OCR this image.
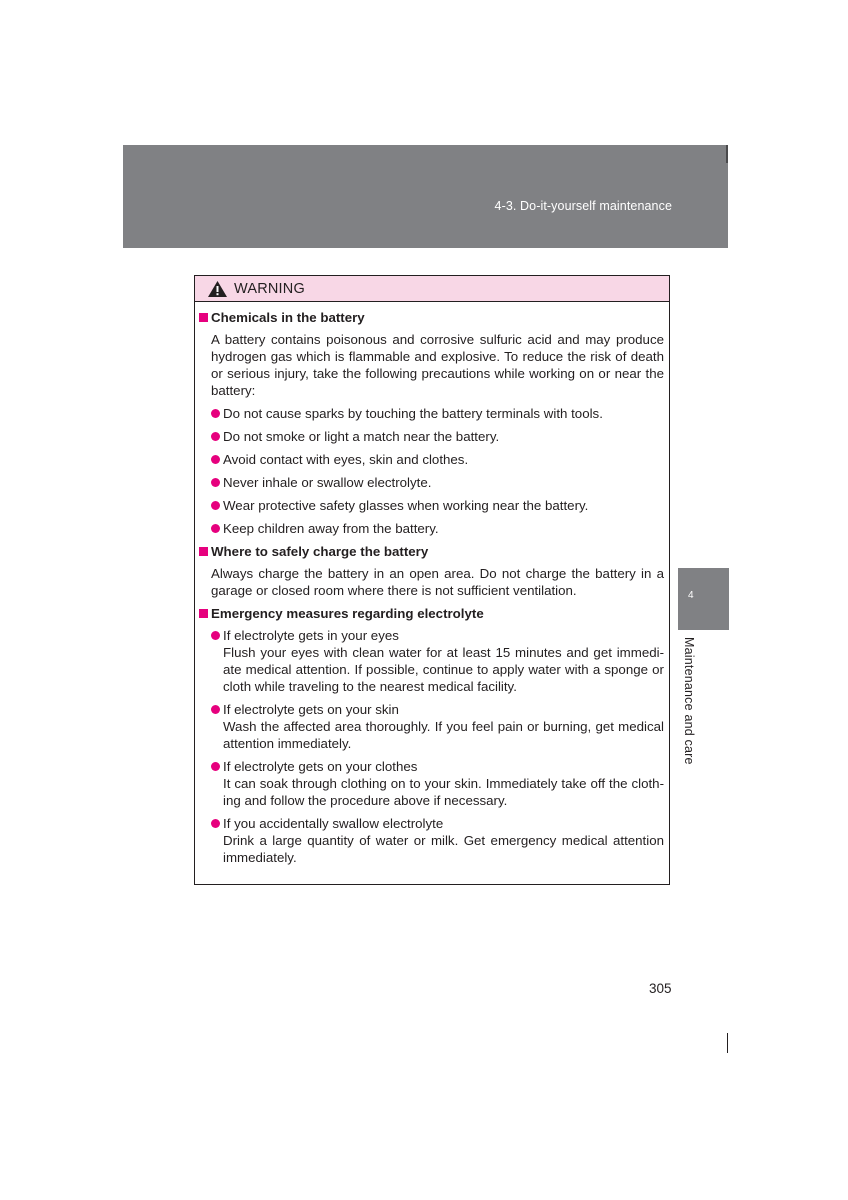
4-3. Do-it-yourself maintenance
4
Maintenance and care
WARNING
Chemicals in the battery
A battery contains poisonous and corrosive sulfuric acid and may produce hydrogen gas which is flammable and explosive. To reduce the risk of death or serious injury, take the following precautions while working on or near the battery:
Do not cause sparks by touching the battery terminals with tools.
Do not smoke or light a match near the battery.
Avoid contact with eyes, skin and clothes.
Never inhale or swallow electrolyte.
Wear protective safety glasses when working near the battery.
Keep children away from the battery.
Where to safely charge the battery
Always charge the battery in an open area. Do not charge the battery in a garage or closed room where there is not sufficient ventilation.
Emergency measures regarding electrolyte
If electrolyte gets in your eyes
Flush your eyes with clean water for at least 15 minutes and get immedi- ate medical attention. If possible, continue to apply water with a sponge or cloth while traveling to the nearest medical facility.
If electrolyte gets on your skin
Wash the affected area thoroughly. If you feel pain or burning, get medical attention immediately.
If electrolyte gets on your clothes
It can soak through clothing on to your skin. Immediately take off the cloth- ing and follow the procedure above if necessary.
If you accidentally swallow electrolyte
Drink a large quantity of water or milk. Get emergency medical attention immediately.
305
